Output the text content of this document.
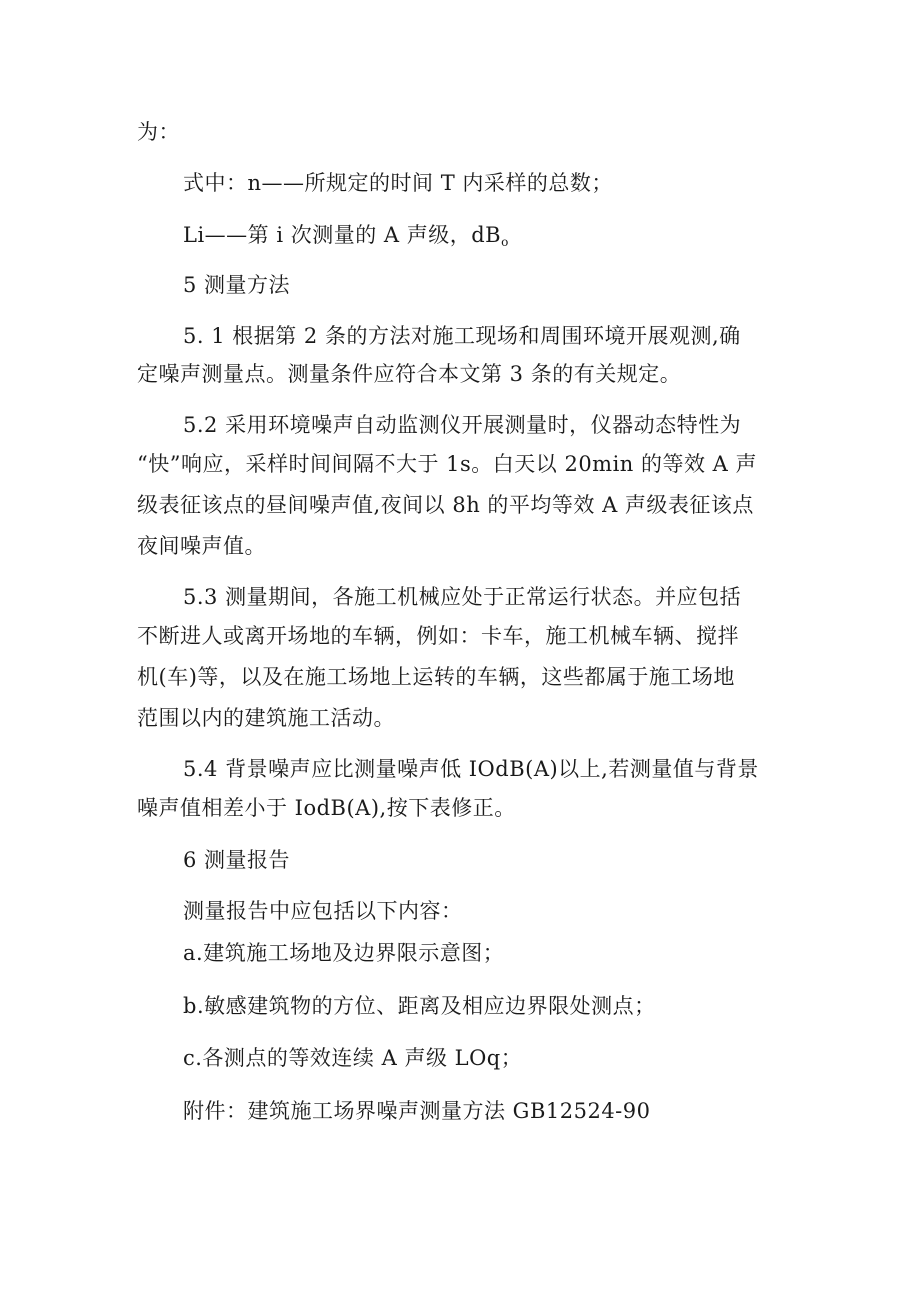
为：
式中：n——所规定的时间 T 内采样的总数；
Li——第 i 次测量的 A 声级，$dB_o$
5 测量方法
5. 1 根据第 2 条的方法对施工现场和周围环境开展观测,确
定噪声测量点。测量条件应符合本文第 3 条的有关规定。
5.2 采用环境噪声自动监测仪开展测量时，仪器动态特性为
“快”响应，采样时间间隔不大于 1s。白天以 20min 的等效 A 声
级表征该点的昼间噪声值,夜间以 8h 的平均等效 A 声级表征该点
夜间噪声值。
5.3 测量期间，各施工机械应处于正常运行状态。并应包括
不断进人或离开场地的车辆，例如：卡车，施工机械车辆、搅拌
机(车)等，以及在施工场地上运转的车辆，这些都属于施工场地
范围以内的建筑施工活动。
5.4 背景噪声应比测量噪声低 IOdB(A)以上,若测量值与背景
噪声值相差小于 IodB(A),按下表修正。
6 测量报告
测量报告中应包括以下内容：
a.建筑施工场地及边界限示意图；
b.敏感建筑物的方位、距离及相应边界限处测点；
c.各测点的等效连续 A 声级 LOq；
附件：建筑施工场界噪声测量方法 GB12524-90
